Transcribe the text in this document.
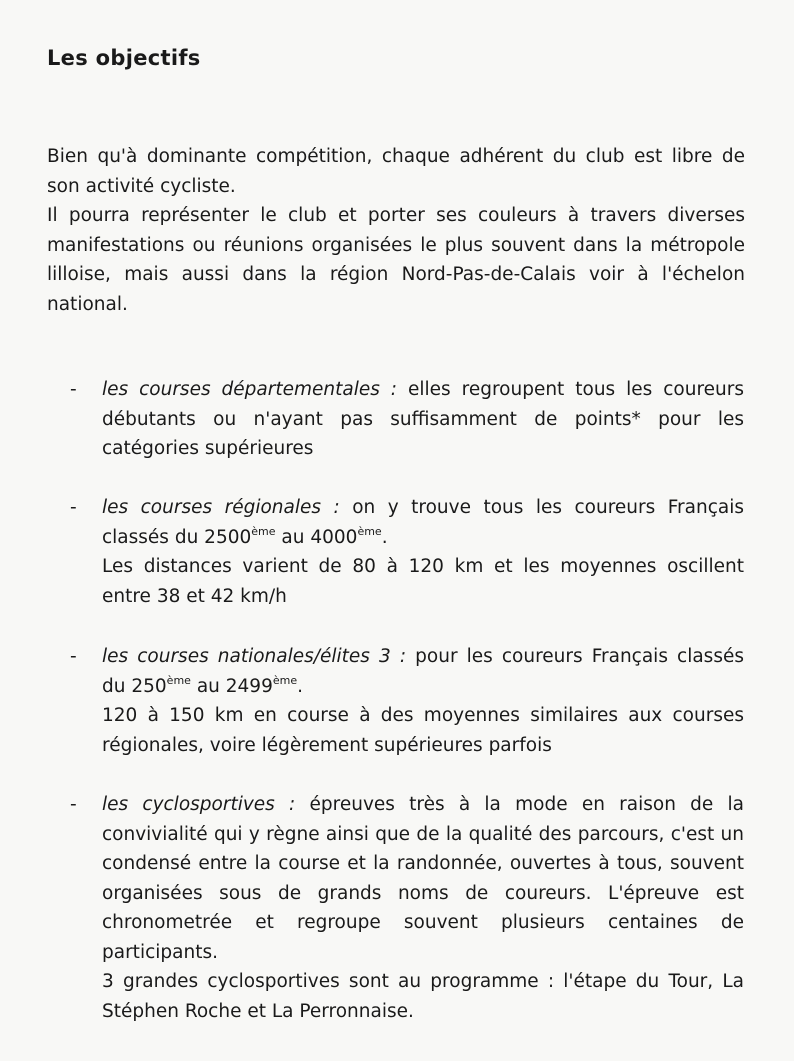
Les objectifs

Bien qu'à dominante compétition, chaque adhérent du club est libre de son activité cycliste.

Il pourra représenter le club et porter ses couleurs à travers diverses manifestations ou réunions organisées le plus souvent dans la métropole lilloise, mais aussi dans la région Nord-Pas-de-Calais voir à l'échelon national.

- les courses départementales : elles regroupent tous les coureurs débutants ou n'ayant pas suffisamment de points* pour les catégories supérieures

- les courses régionales : on y trouve tous les coureurs Français classés du 2500ème au 4000ème.

Les distances varient de 80 à 120 km et les moyennes oscillent entre 38 et 42 km/h

- les courses nationales/élites 3 : pour les coureurs Français classés du 250ème au 2499ème.

120 à 150 km en course à des moyennes similaires aux courses régionales, voire légèrement supérieures parfois

- les cyclosportives : épreuves très à la mode en raison de la convivialité qui y règne ainsi que de la qualité des parcours, c'est un condensé entre la course et la randonnée, ouvertes à tous, souvent organisées sous de grands noms de coureurs. L'épreuve est chronometrée et regroupe souvent plusieurs centaines de participants.

3 grandes cyclosportives sont au programme : l'étape du Tour, La Stéphen Roche et La Perronnaise.
